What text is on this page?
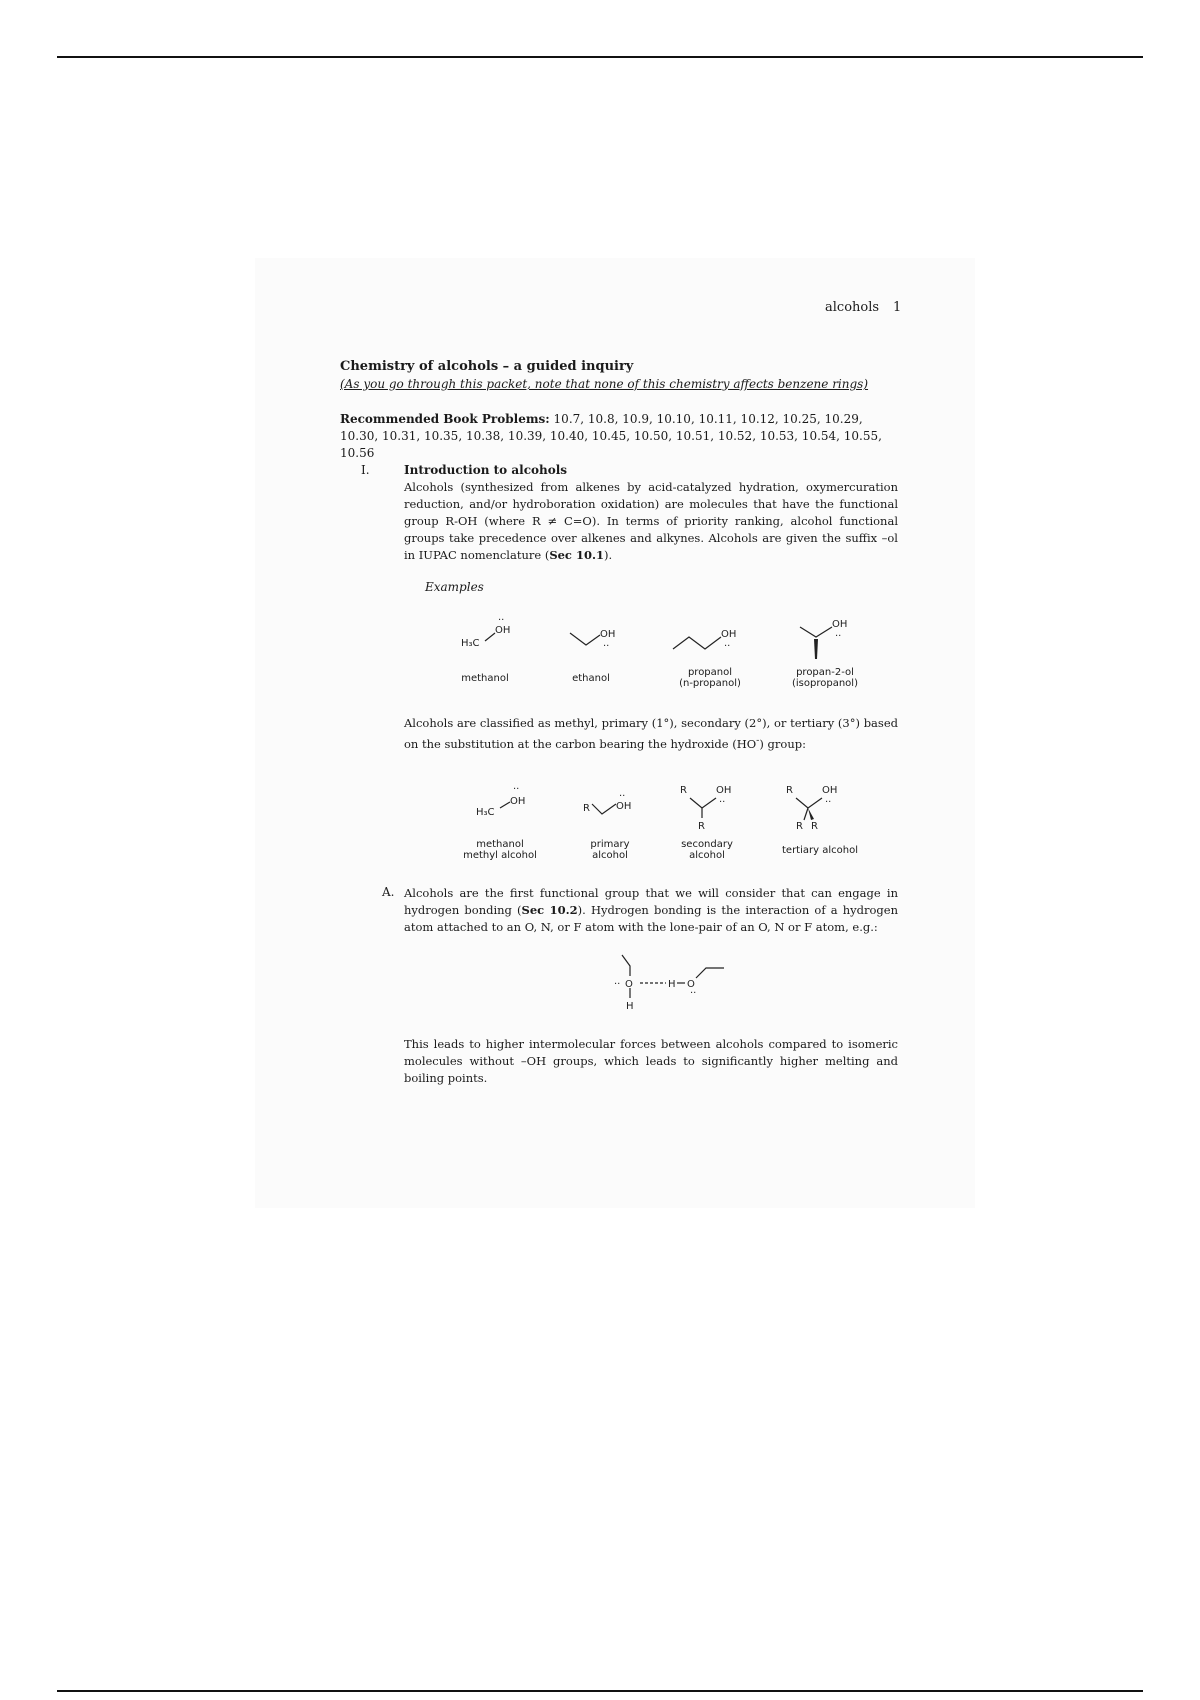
alcohols 1
Chemistry of alcohols – a guided inquiry
(As you go through this packet, note that none of this chemistry affects benzene rings)
Recommended Book Problems: 10.7, 10.8, 10.9, 10.10, 10.11, 10.12, 10.25, 10.29, 10.30, 10.31, 10.35, 10.38, 10.39, 10.40, 10.45, 10.50, 10.51, 10.52, 10.53, 10.54, 10.55, 10.56
I.	Introduction to alcohols
Alcohols (synthesized from alkenes by acid-catalyzed hydration, oxymercuration reduction, and/or hydroboration oxidation) are molecules that have the functional group R-OH (where R ≠ C=O). In terms of priority ranking, alcohol functional groups take precedence over alkenes and alkynes. Alcohols are given the suffix –ol in IUPAC nomenclature (Sec 10.1).
Examples
H₃C
OH	OH	OH
OH
··
··	··
··
methanol	ethanol
propanol
(n-propanol)
propan-2-ol
(isopropanol)
Alcohols are classified as methyl, primary (1°), secondary (2°), or tertiary (3°) based on the substitution at the carbon bearing the hydroxide (HO-) group:
H₃C
OH
R	OH
R	OH
R
R	OH
R R
··
··
··	··
methanol
methyl alcohol
primary
alcohol
secondary
alcohol	tertiary alcohol
A. Alcohols are the first functional group that we will consider that can engage in hydrogen bonding (Sec 10.2). Hydrogen bonding is the interaction of a hydrogen atom attached to an O, N, or F atom with the lone-pair of an O, N or F atom, e.g.:
O
H
H O
··
··
This leads to higher intermolecular forces between alcohols compared to isomeric molecules without –OH groups, which leads to significantly higher melting and boiling points.
